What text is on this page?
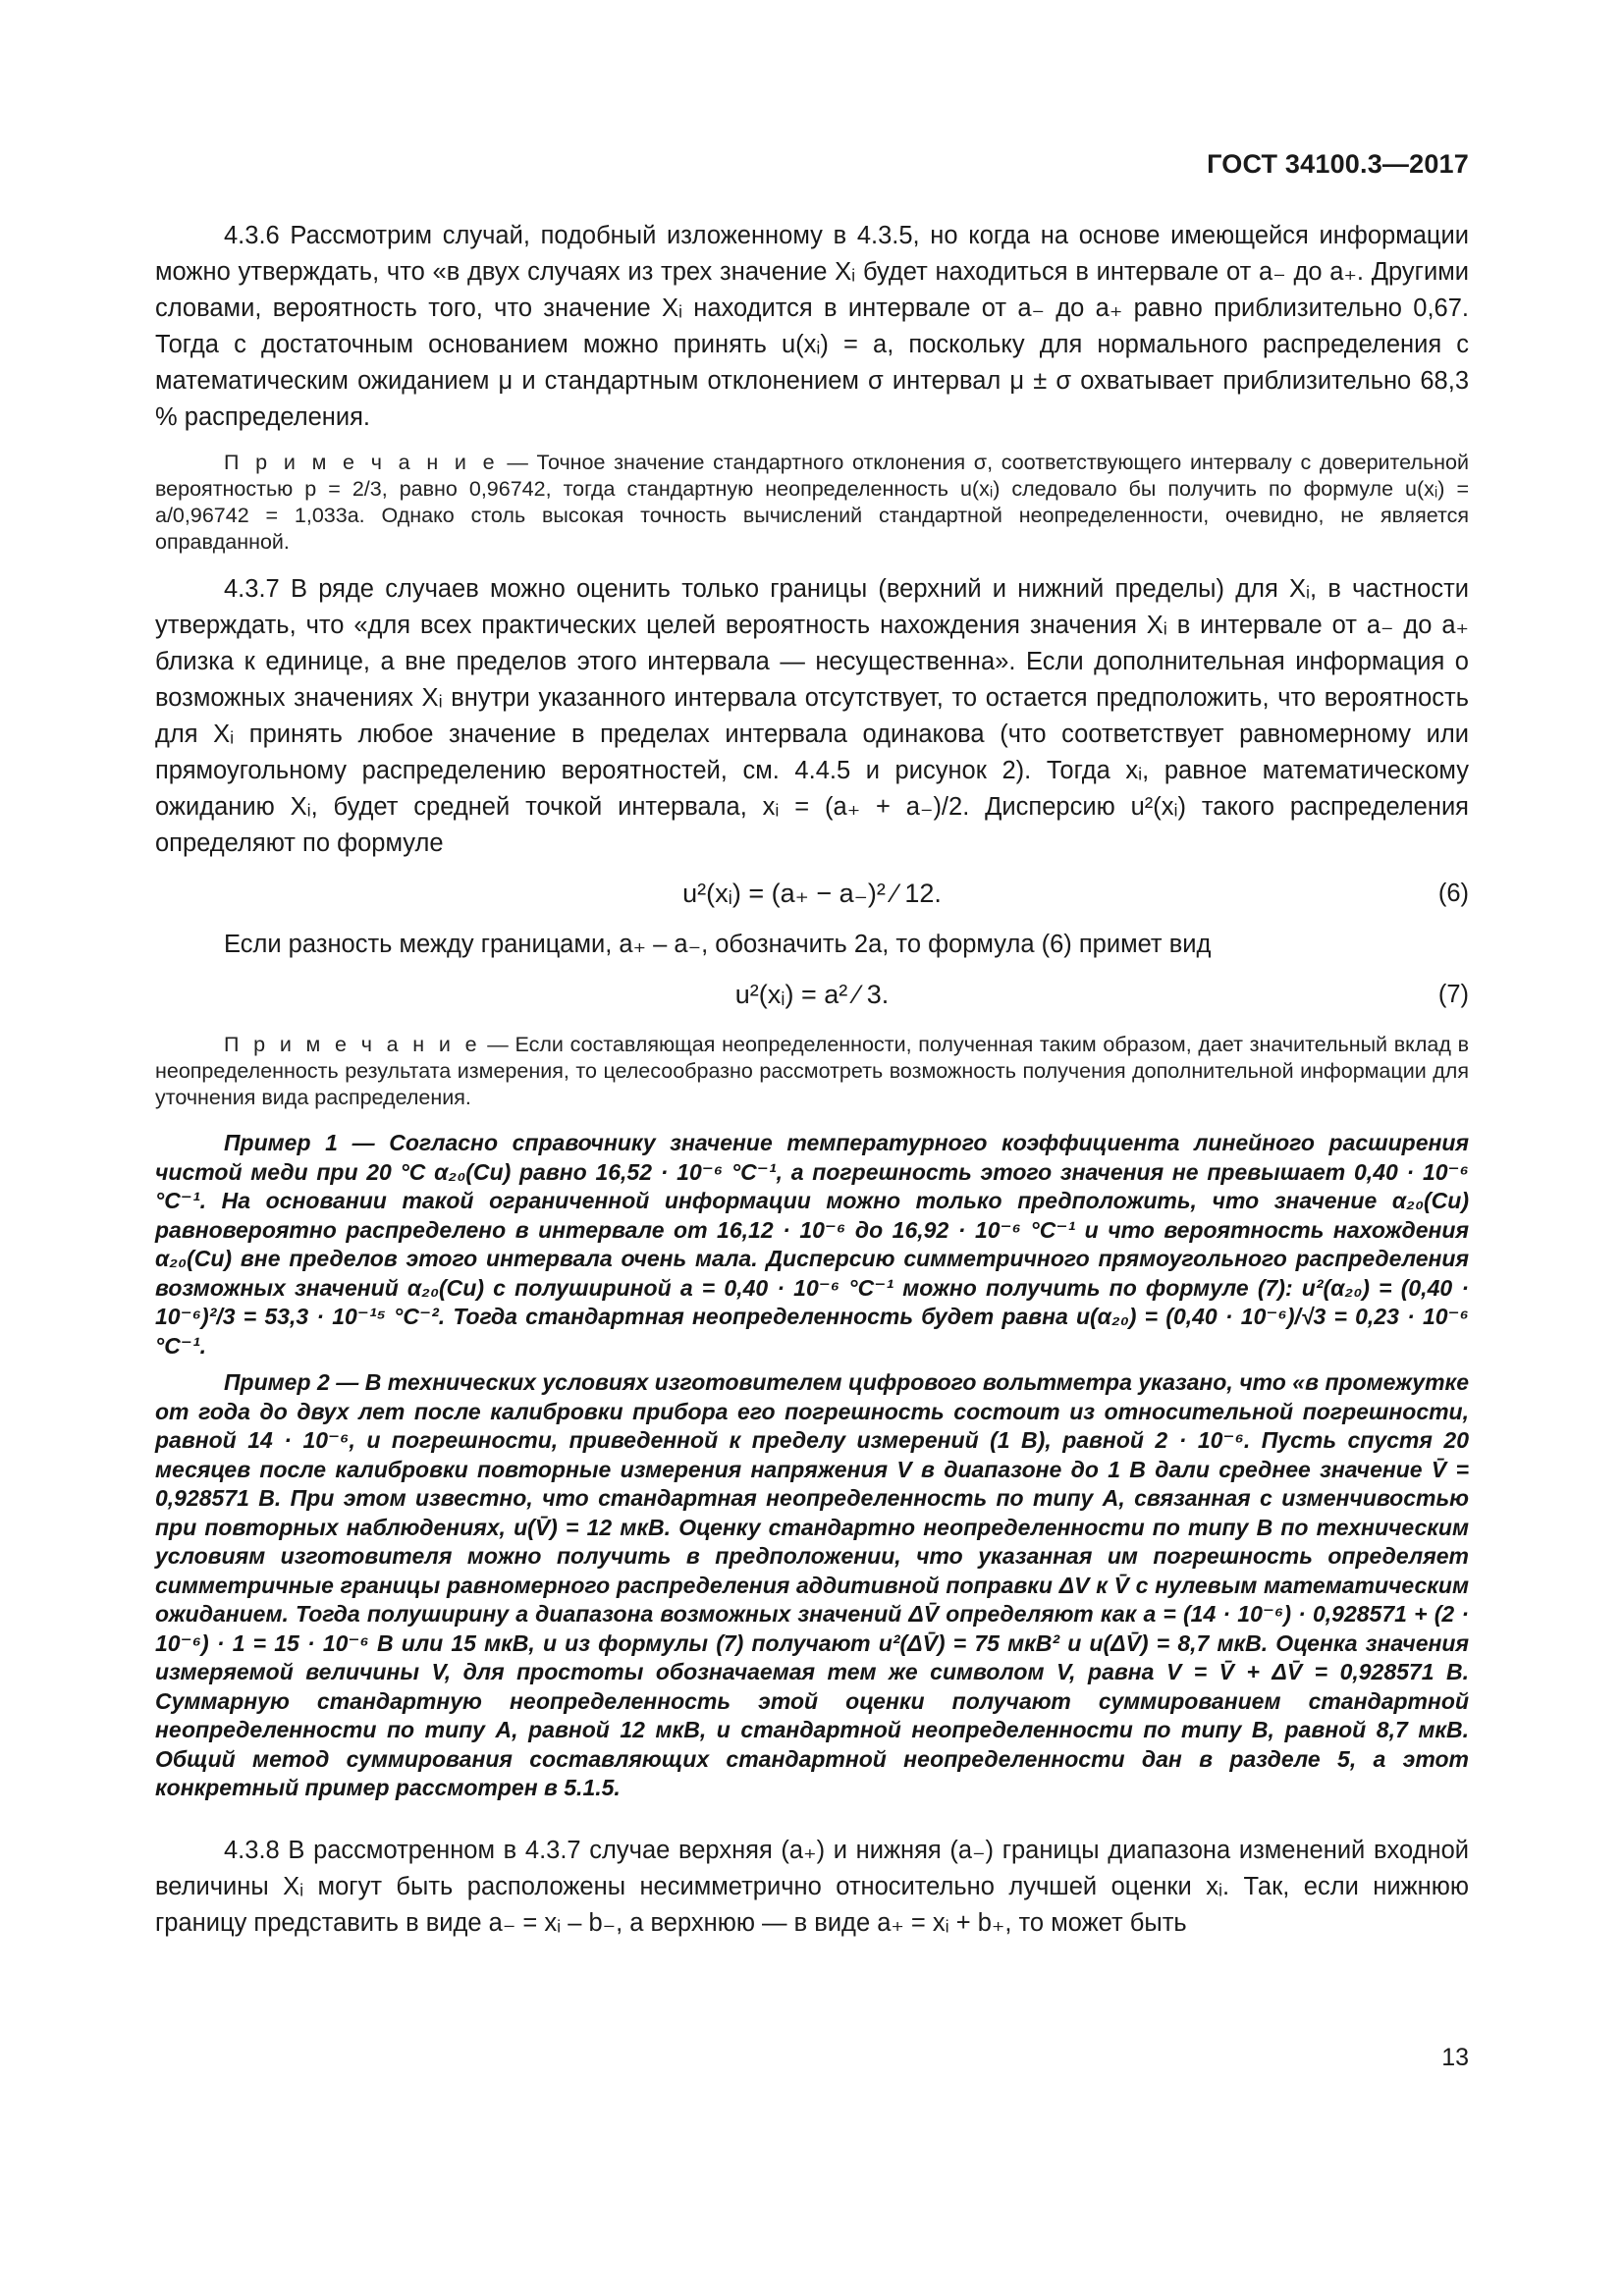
ГОСТ 34100.3—2017

4.3.6 Рассмотрим случай, подобный изложенному в 4.3.5, но когда на основе имеющейся информации можно утверждать, что «в двух случаях из трех значение Xᵢ будет находиться в интервале от a₋ до a₊. Другими словами, вероятность того, что значение Xᵢ находится в интервале от a₋ до a₊ равно приблизительно 0,67. Тогда с достаточным основанием можно принять u(xᵢ) = a, поскольку для нормального распределения с математическим ожиданием μ и стандартным отклонением σ интервал μ ± σ охватывает приблизительно 68,3 % распределения.

П р и м е ч а н и е — Точное значение стандартного отклонения σ, соответствующего интервалу с доверительной вероятностью p = 2/3, равно 0,96742, тогда стандартную неопределенность u(xᵢ) следовало бы получить по формуле u(xᵢ) = a/0,96742 = 1,033a. Однако столь высокая точность вычислений стандартной неопределенности, очевидно, не является оправданной.

4.3.7 В ряде случаев можно оценить только границы (верхний и нижний пределы) для Xᵢ, в частности утверждать, что «для всех практических целей вероятность нахождения значения Xᵢ в интервале от a₋ до a₊ близка к единице, а вне пределов этого интервала — несущественна». Если дополнительная информация о возможных значениях Xᵢ внутри указанного интервала отсутствует, то остается предположить, что вероятность для Xᵢ принять любое значение в пределах интервала одинакова (что соответствует равномерному или прямоугольному распределению вероятностей, см. 4.4.5 и рисунок 2). Тогда xᵢ, равное математическому ожиданию Xᵢ, будет средней точкой интервала, xᵢ = (a₊ + a₋)/2. Дисперсию u²(xᵢ) такого распределения определяют по формуле

u²(xᵢ) = (a₊ − a₋)² ⁄ 12.	(6)

Если разность между границами, a₊ – a₋, обозначить 2a, то формула (6) примет вид

u²(xᵢ) = a² ⁄ 3.	(7)

П р и м е ч а н и е — Если составляющая неопределенности, полученная таким образом, дает значительный вклад в неопределенность результата измерения, то целесообразно рассмотреть возможность получения дополнительной информации для уточнения вида распределения.

Пример 1 — Согласно справочнику значение температурного коэффициента линейного расширения чистой меди при 20 °С α₂₀(Cu) равно 16,52 · 10⁻⁶ °С⁻¹, а погрешность этого значения не превышает 0,40 · 10⁻⁶ °С⁻¹. На основании такой ограниченной информации можно только предположить, что значение α₂₀(Cu) равновероятно распределено в интервале от 16,12 · 10⁻⁶ до 16,92 · 10⁻⁶ °С⁻¹ и что вероятность нахождения α₂₀(Cu) вне пределов этого интервала очень мала. Дисперсию симметричного прямоугольного распределения возможных значений α₂₀(Cu) с полушириной a = 0,40 · 10⁻⁶ °С⁻¹ можно получить по формуле (7): u²(α₂₀) = (0,40 · 10⁻⁶)²/3 = 53,3 · 10⁻¹⁵ °С⁻². Тогда стандартная неопределенность будет равна u(α₂₀) = (0,40 · 10⁻⁶)/√3 = 0,23 · 10⁻⁶ °С⁻¹.

Пример 2 — В технических условиях изготовителем цифрового вольтметра указано, что «в промежутке от года до двух лет после калибровки прибора его погрешность состоит из относительной погрешности, равной 14 · 10⁻⁶, и погрешности, приведенной к пределу измерений (1 В), равной 2 · 10⁻⁶. Пусть спустя 20 месяцев после калибровки повторные измерения напряжения V в диапазоне до 1 В дали среднее значение V̄ = 0,928571 В. При этом известно, что стандартная неопределенность по типу А, связанная с изменчивостью при повторных наблюдениях, u(V̄) = 12 мкВ. Оценку стандартно неопределенности по типу В по техническим условиям изготовителя можно получить в предположении, что указанная им погрешность определяет симметричные границы равномерного распределения аддитивной поправки ΔV к V̄ с нулевым математическим ожиданием. Тогда полуширину a диапазона возможных значений ΔV̄ определяют как a = (14 · 10⁻⁶) · 0,928571 + (2 · 10⁻⁶) · 1 = 15 · 10⁻⁶ В или 15 мкВ, и из формулы (7) получают u²(ΔV̄) = 75 мкВ² и u(ΔV̄) = 8,7 мкВ. Оценка значения измеряемой величины V, для простоты обозначаемая тем же символом V, равна V = V̄ + ΔV̄ = 0,928571 В. Суммарную стандартную неопределенность этой оценки получают суммированием стандартной неопределенности по типу А, равной 12 мкВ, и стандартной неопределенности по типу В, равной 8,7 мкВ. Общий метод суммирования составляющих стандартной неопределенности дан в разделе 5, а этот конкретный пример рассмотрен в 5.1.5.

4.3.8 В рассмотренном в 4.3.7 случае верхняя (a₊) и нижняя (a₋) границы диапазона изменений входной величины Xᵢ могут быть расположены несимметрично относительно лучшей оценки xᵢ. Так, если нижнюю границу представить в виде a₋ = xᵢ – b₋, а верхнюю — в виде a₊ = xᵢ + b₊, то может быть

13
